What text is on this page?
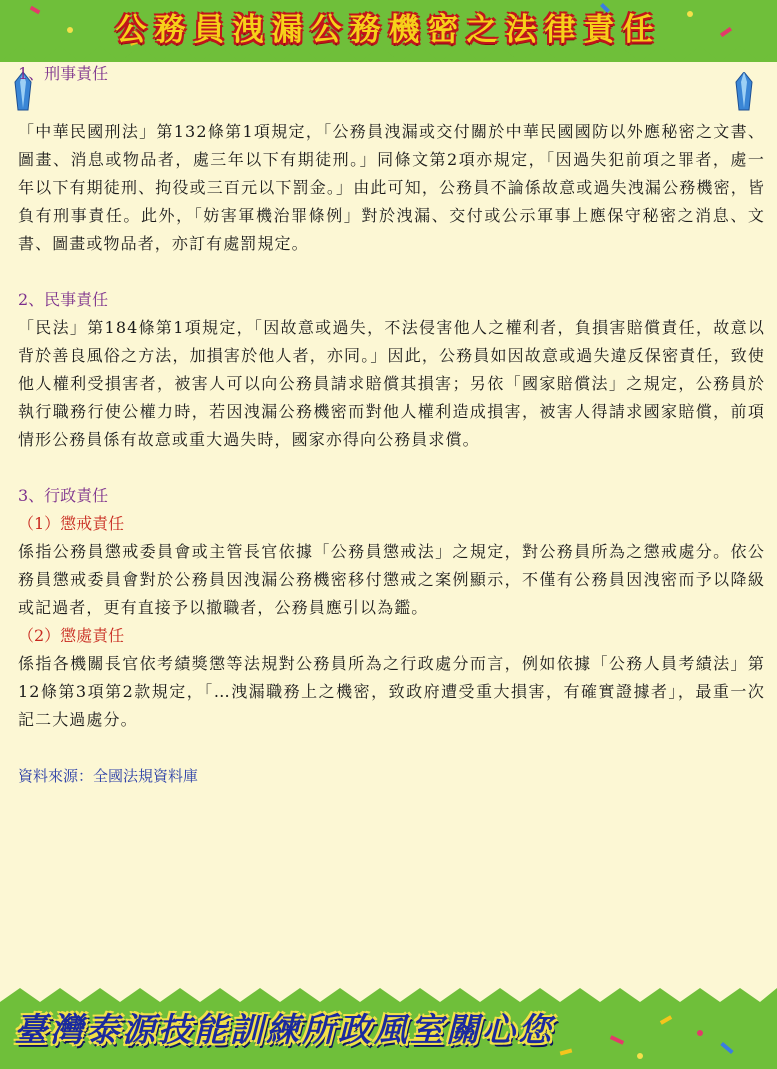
公務員洩漏公務機密之法律責任

1、刑事責任

「中華民國刑法」第132條第1項規定，「公務員洩漏或交付關於中華民國國防以外應秘密之文書、圖畫、消息或物品者，處三年以下有期徒刑。」同條文第2項亦規定，「因過失犯前項之罪者，處一年以下有期徒刑、拘役或三百元以下罰金。」由此可知，公務員不論係故意或過失洩漏公務機密，皆負有刑事責任。此外，「妨害軍機治罪條例」對於洩漏、交付或公示軍事上應保守秘密之消息、文書、圖畫或物品者，亦訂有處罰規定。

2、民事責任

「民法」第184條第1項規定，「因故意或過失，不法侵害他人之權利者，負損害賠償責任，故意以背於善良風俗之方法，加損害於他人者，亦同。」因此，公務員如因故意或過失違反保密責任，致使他人權利受損害者，被害人可以向公務員請求賠償其損害；另依「國家賠償法」之規定，公務員於執行職務行使公權力時，若因洩漏公務機密而對他人權利造成損害，被害人得請求國家賠償，前項情形公務員係有故意或重大過失時，國家亦得向公務員求償。

3、行政責任

（1）懲戒責任

係指公務員懲戒委員會或主管長官依據「公務員懲戒法」之規定，對公務員所為之懲戒處分。依公務員懲戒委員會對於公務員因洩漏公務機密移付懲戒之案例顯示，不僅有公務員因洩密而予以降級或記過者，更有直接予以撤職者，公務員應引以為鑑。

（2）懲處責任

係指各機關長官依考績獎懲等法規對公務員所為之行政處分而言，例如依據「公務人員考績法」第12條第3項第2款規定，「…洩漏職務上之機密，致政府遭受重大損害，有確實證據者」，最重一次記二大過處分。

資料來源：全國法規資料庫

臺灣泰源技能訓練所政風室關心您
